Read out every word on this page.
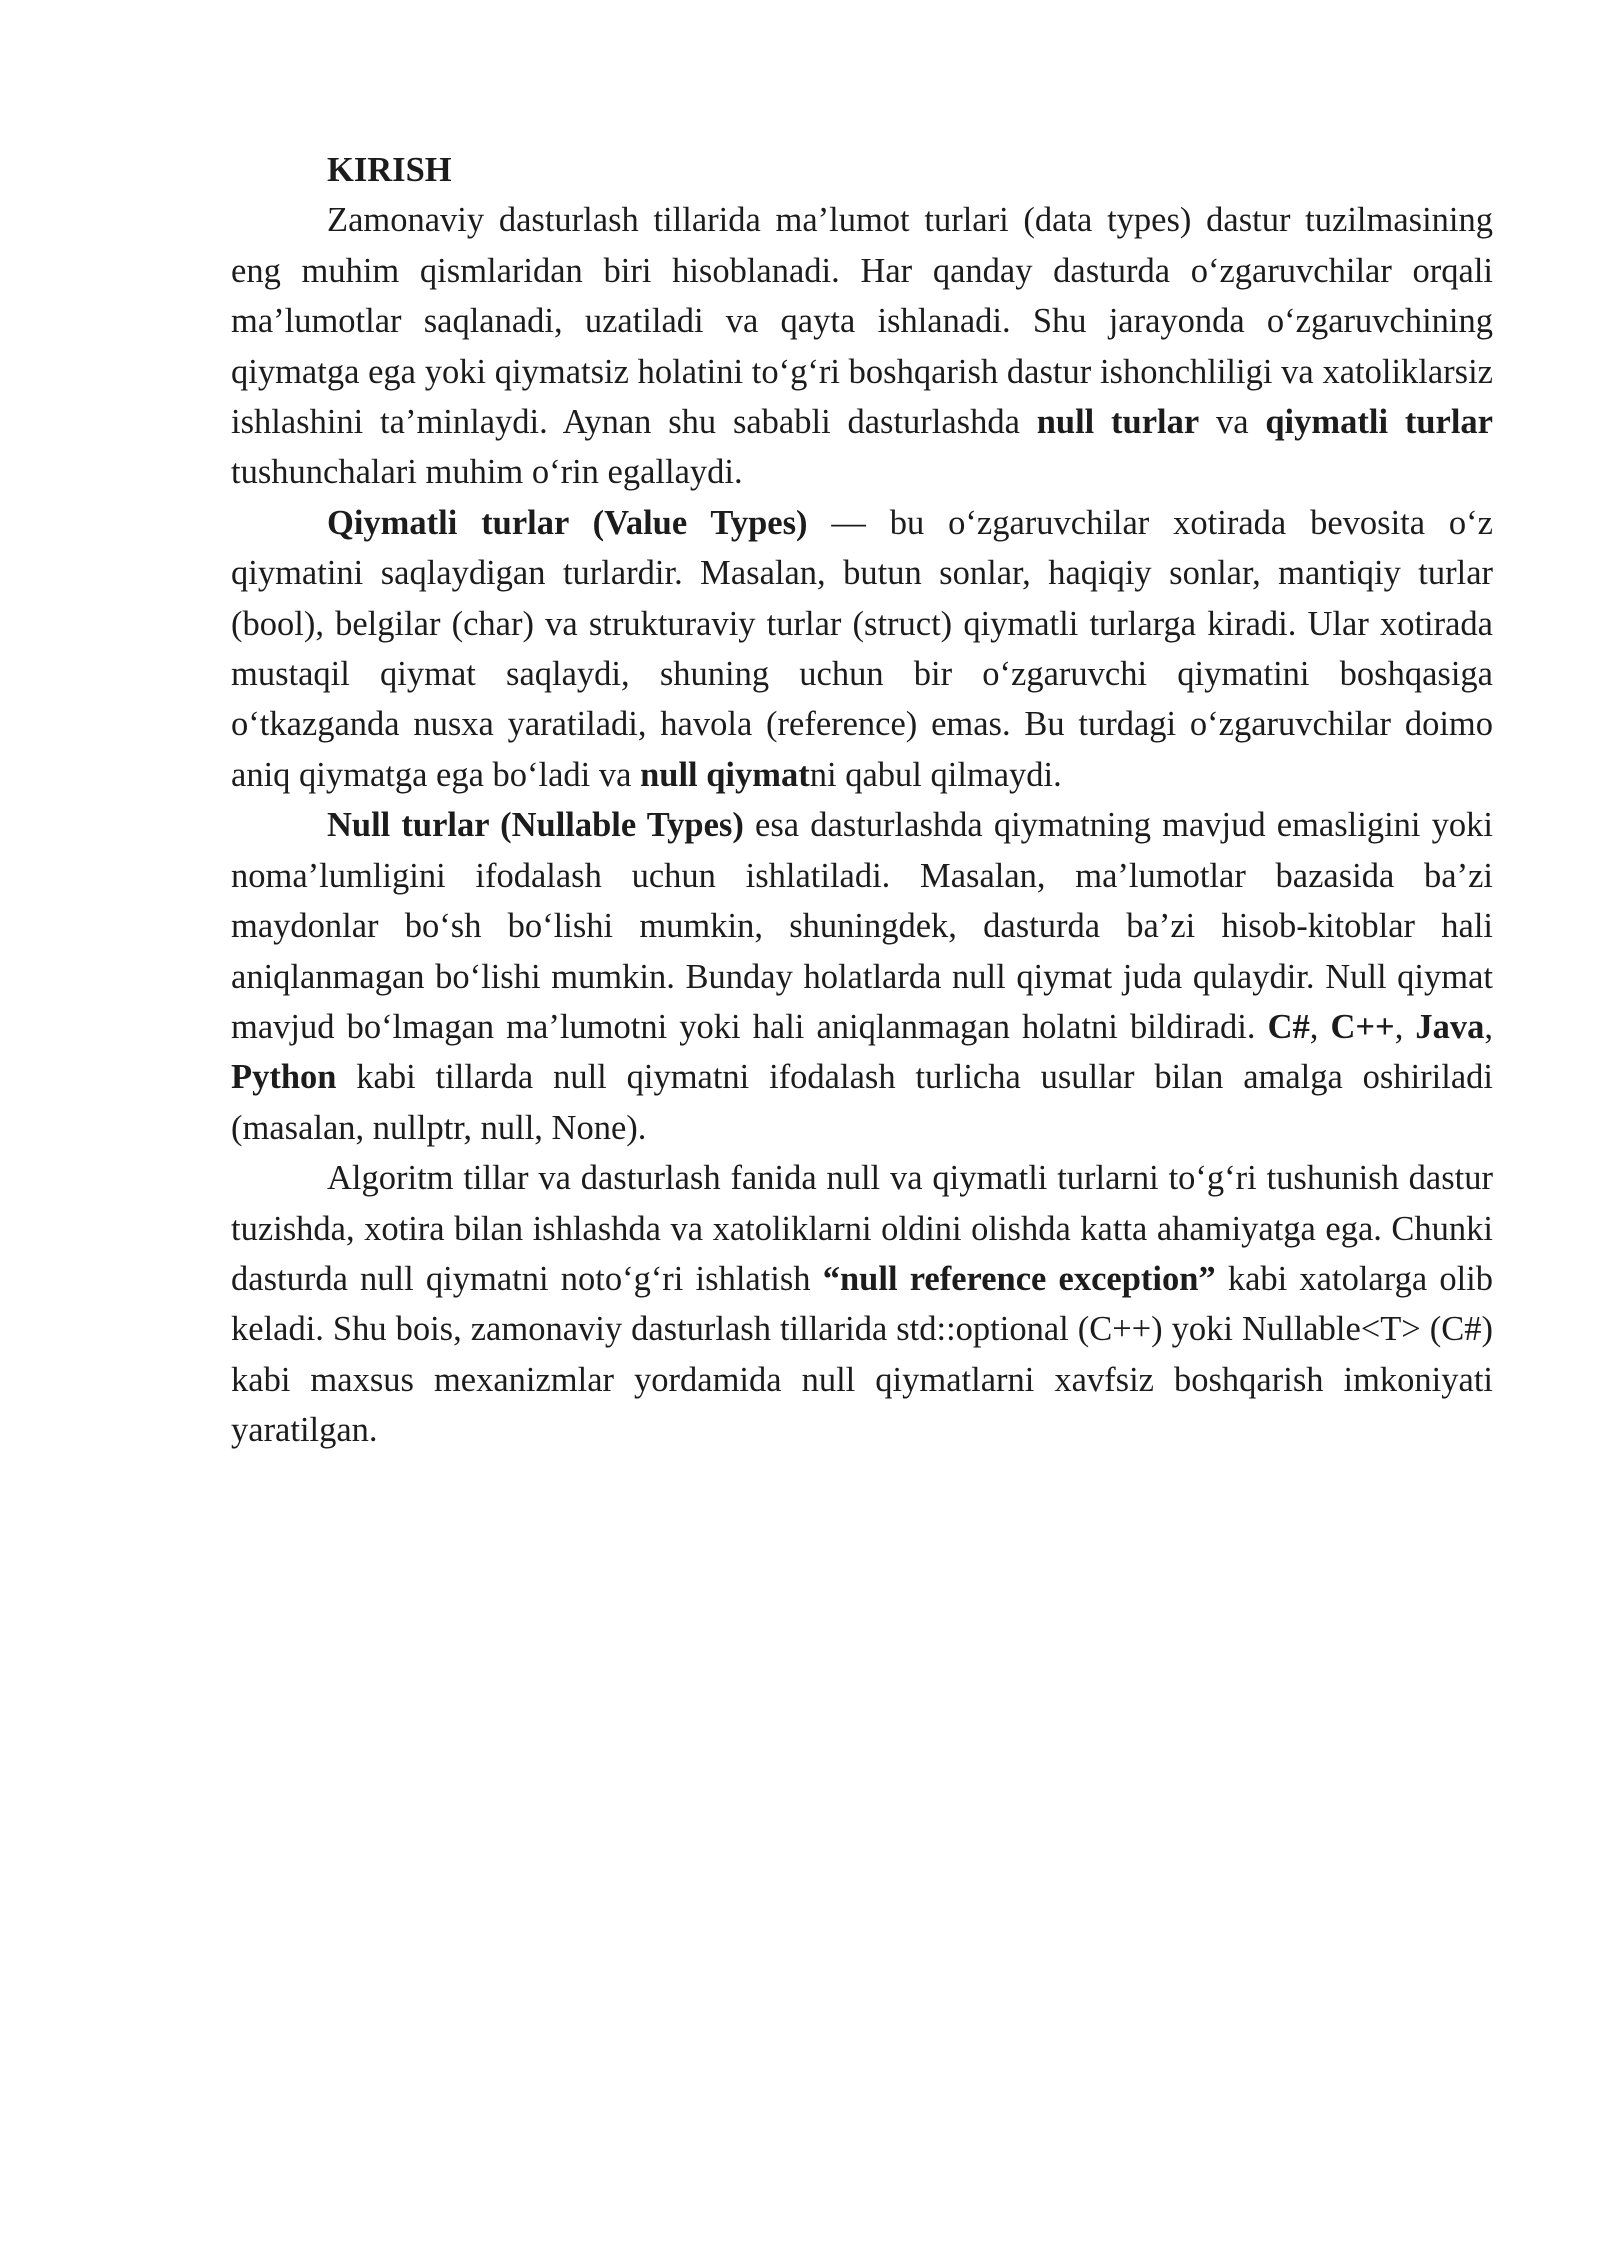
KIRISH

Zamonaviy dasturlash tillarida ma’lumot turlari (data types) dastur tuzilmasining eng muhim qismlaridan biri hisoblanadi. Har qanday dasturda o‘zgaruvchilar orqali ma’lumotlar saqlanadi, uzatiladi va qayta ishlanadi. Shu jarayonda o‘zgaruvchining qiymatga ega yoki qiymatsiz holatini to‘g‘ri boshqarish dastur ishonchliligi va xatoliklarsiz ishlashini ta’minlaydi. Aynan shu sababli dasturlashda null turlar va qiymatli turlar tushunchalari muhim o‘rin egallaydi.

Qiymatli turlar (Value Types) — bu o‘zgaruvchilar xotirada bevosita o‘z qiymatini saqlaydigan turlardir. Masalan, butun sonlar, haqiqiy sonlar, mantiqiy turlar (bool), belgilar (char) va strukturaviy turlar (struct) qiymatli turlarga kiradi. Ular xotirada mustaqil qiymat saqlaydi, shuning uchun bir o‘zgaruvchi qiymatini boshqasiga o‘tkazganda nusxa yaratiladi, havola (reference) emas. Bu turdagi o‘zgaruvchilar doimo aniq qiymatga ega bo‘ladi va null qiymatni qabul qilmaydi.

Null turlar (Nullable Types) esa dasturlashda qiymatning mavjud emasligini yoki noma’lumligini ifodalash uchun ishlatiladi. Masalan, ma’lumotlar bazasida ba’zi maydonlar bo‘sh bo‘lishi mumkin, shuningdek, dasturda ba’zi hisob-kitoblar hali aniqlanmagan bo‘lishi mumkin. Bunday holatlarda null qiymat juda qulaydir. Null qiymat mavjud bo‘lmagan ma’lumotni yoki hali aniqlanmagan holatni bildiradi. C#, C++, Java, Python kabi tillarda null qiymatni ifodalash turlicha usullar bilan amalga oshiriladi (masalan, nullptr, null, None).

Algoritm tillar va dasturlash fanida null va qiymatli turlarni to‘g‘ri tushunish dastur tuzishda, xotira bilan ishlashda va xatoliklarni oldini olishda katta ahamiyatga ega. Chunki dasturda null qiymatni noto‘g‘ri ishlatish “null reference exception” kabi xatolarga olib keladi. Shu bois, zamonaviy dasturlash tillarida std::optional (C++) yoki Nullable<T> (C#) kabi maxsus mexanizmlar yordamida null qiymatlarni xavfsiz boshqarish imkoniyati yaratilgan.
